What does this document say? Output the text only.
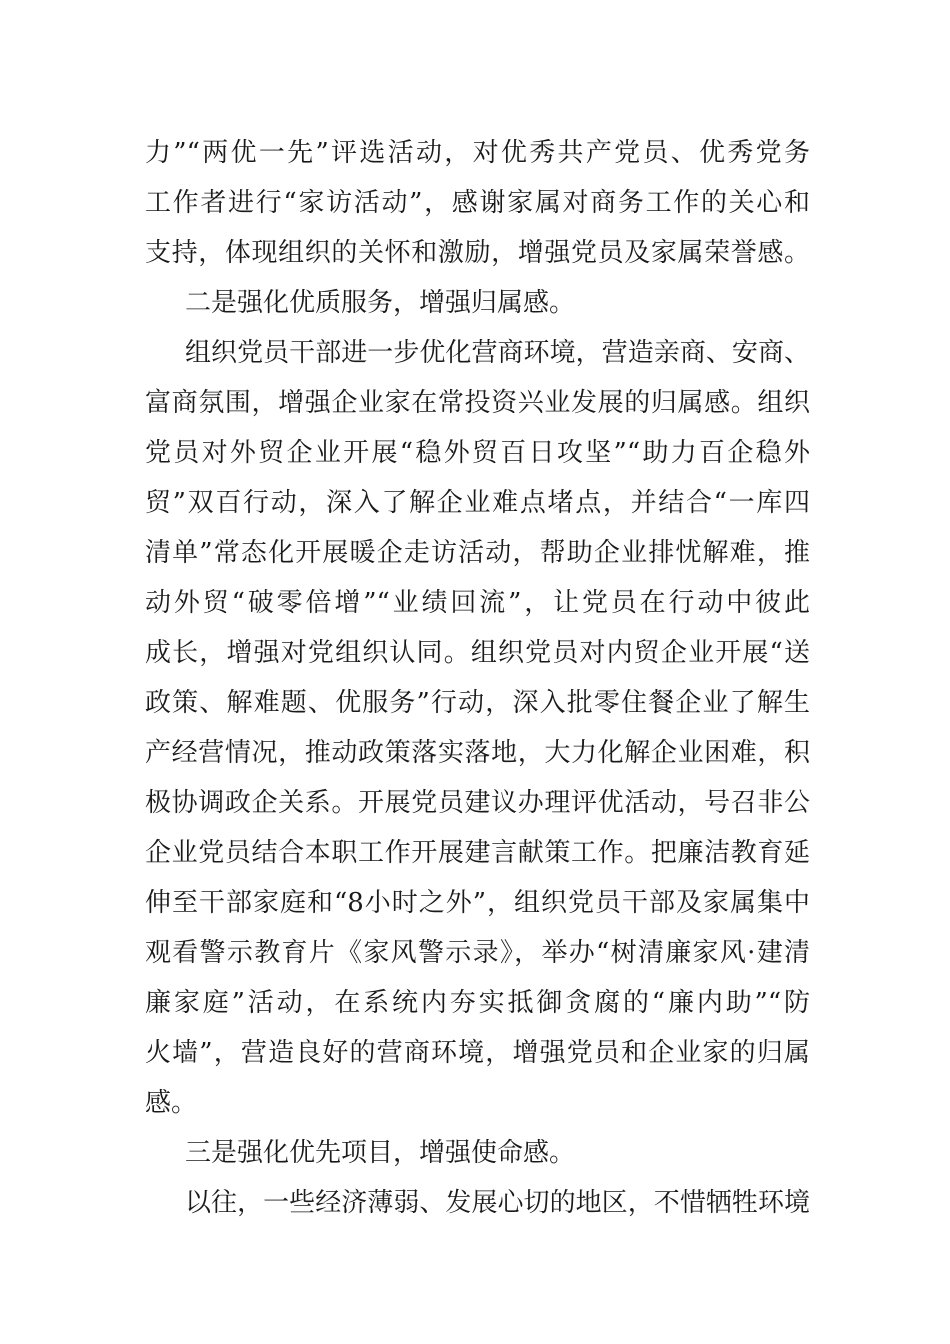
力”“两优一先”评选活动，对优秀共产党员、优秀党务
工作者进行“家访活动”，感谢家属对商务工作的关心和
支持，体现组织的关怀和激励，增强党员及家属荣誉感。
二是强化优质服务，增强归属感。
组织党员干部进一步优化营商环境，营造亲商、安商、
富商氛围，增强企业家在常投资兴业发展的归属感。组织
党员对外贸企业开展“稳外贸百日攻坚”“助力百企稳外
贸”双百行动，深入了解企业难点堵点，并结合“一库四
清单”常态化开展暖企走访活动，帮助企业排忧解难，推
动外贸“破零倍增”“业绩回流”，让党员在行动中彼此
成长，增强对党组织认同。组织党员对内贸企业开展“送
政策、解难题、优服务”行动，深入批零住餐企业了解生
产经营情况，推动政策落实落地，大力化解企业困难，积
极协调政企关系。开展党员建议办理评优活动，号召非公
企业党员结合本职工作开展建言献策工作。把廉洁教育延
伸至干部家庭和“8小时之外”，组织党员干部及家属集中
观看警示教育片《家风警示录》，举办“树清廉家风·建清
廉家庭”活动，在系统内夯实抵御贪腐的“廉内助”“防
火墙”，营造良好的营商环境，增强党员和企业家的归属
感。
三是强化优先项目，增强使命感。
以往，一些经济薄弱、发展心切的地区，不惜牺牲环境
